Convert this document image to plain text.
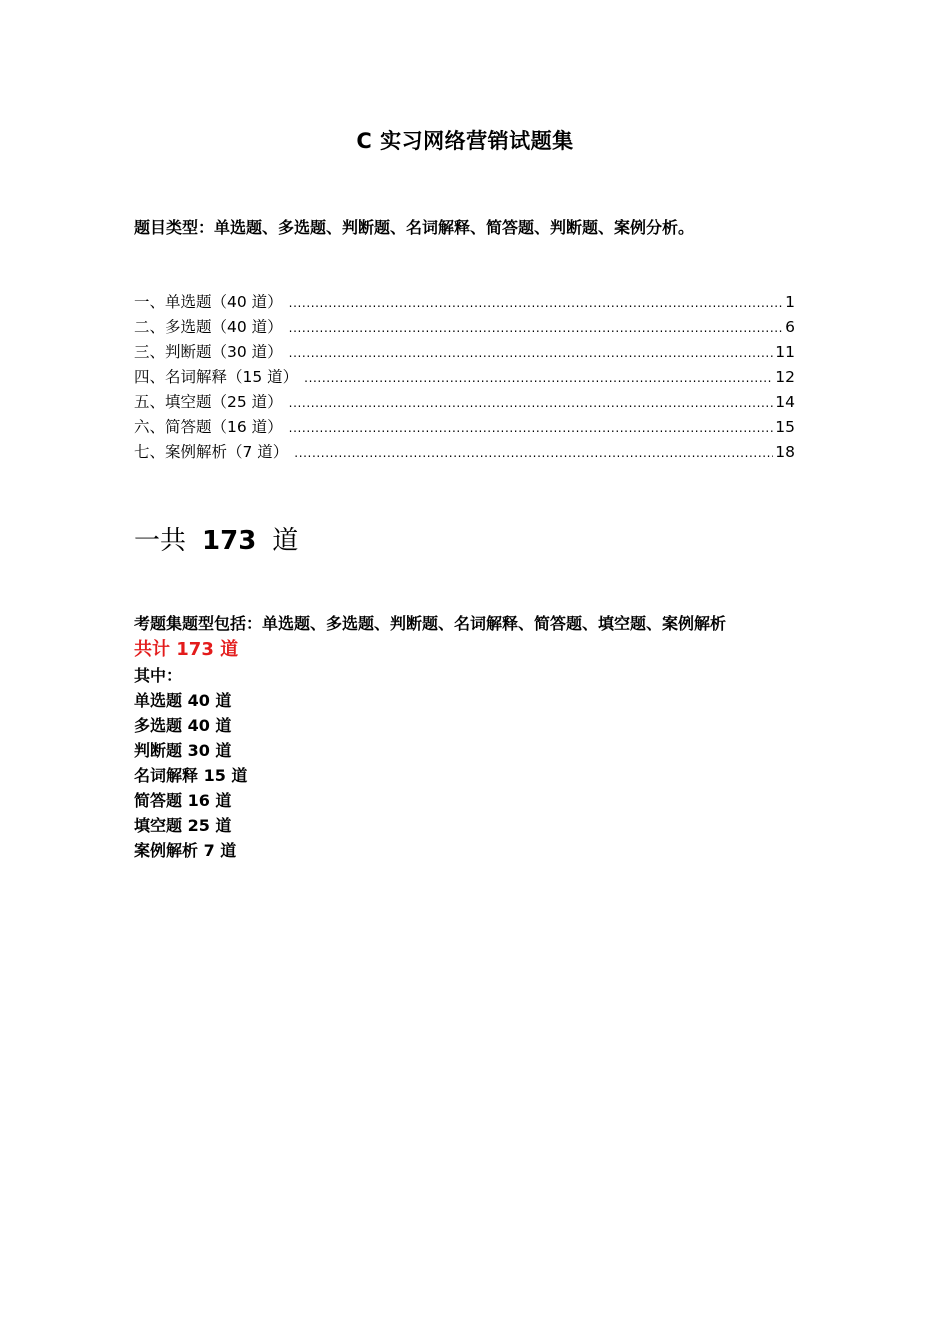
C 实习网络营销试题集
题目类型：单选题、多选题、判断题、名词解释、简答题、判断题、案例分析。
一、单选题（40 道） .....	1
二、多选题（40 道） .....	6
三、判断题（30 道） .....	11
四、名词解释（15 道） .....	12
五、填空题（25 道） .....	14
六、简答题（16 道） .....	15
七、案例解析（7 道） .....	18
一共 173 道
考题集题型包括：单选题、多选题、判断题、名词解释、简答题、填空题、案例解析
共计 173 道
其中：
单选题 40 道
多选题 40 道
判断题 30 道
名词解释 15 道
简答题 16 道
填空题 25 道
案例解析 7 道
